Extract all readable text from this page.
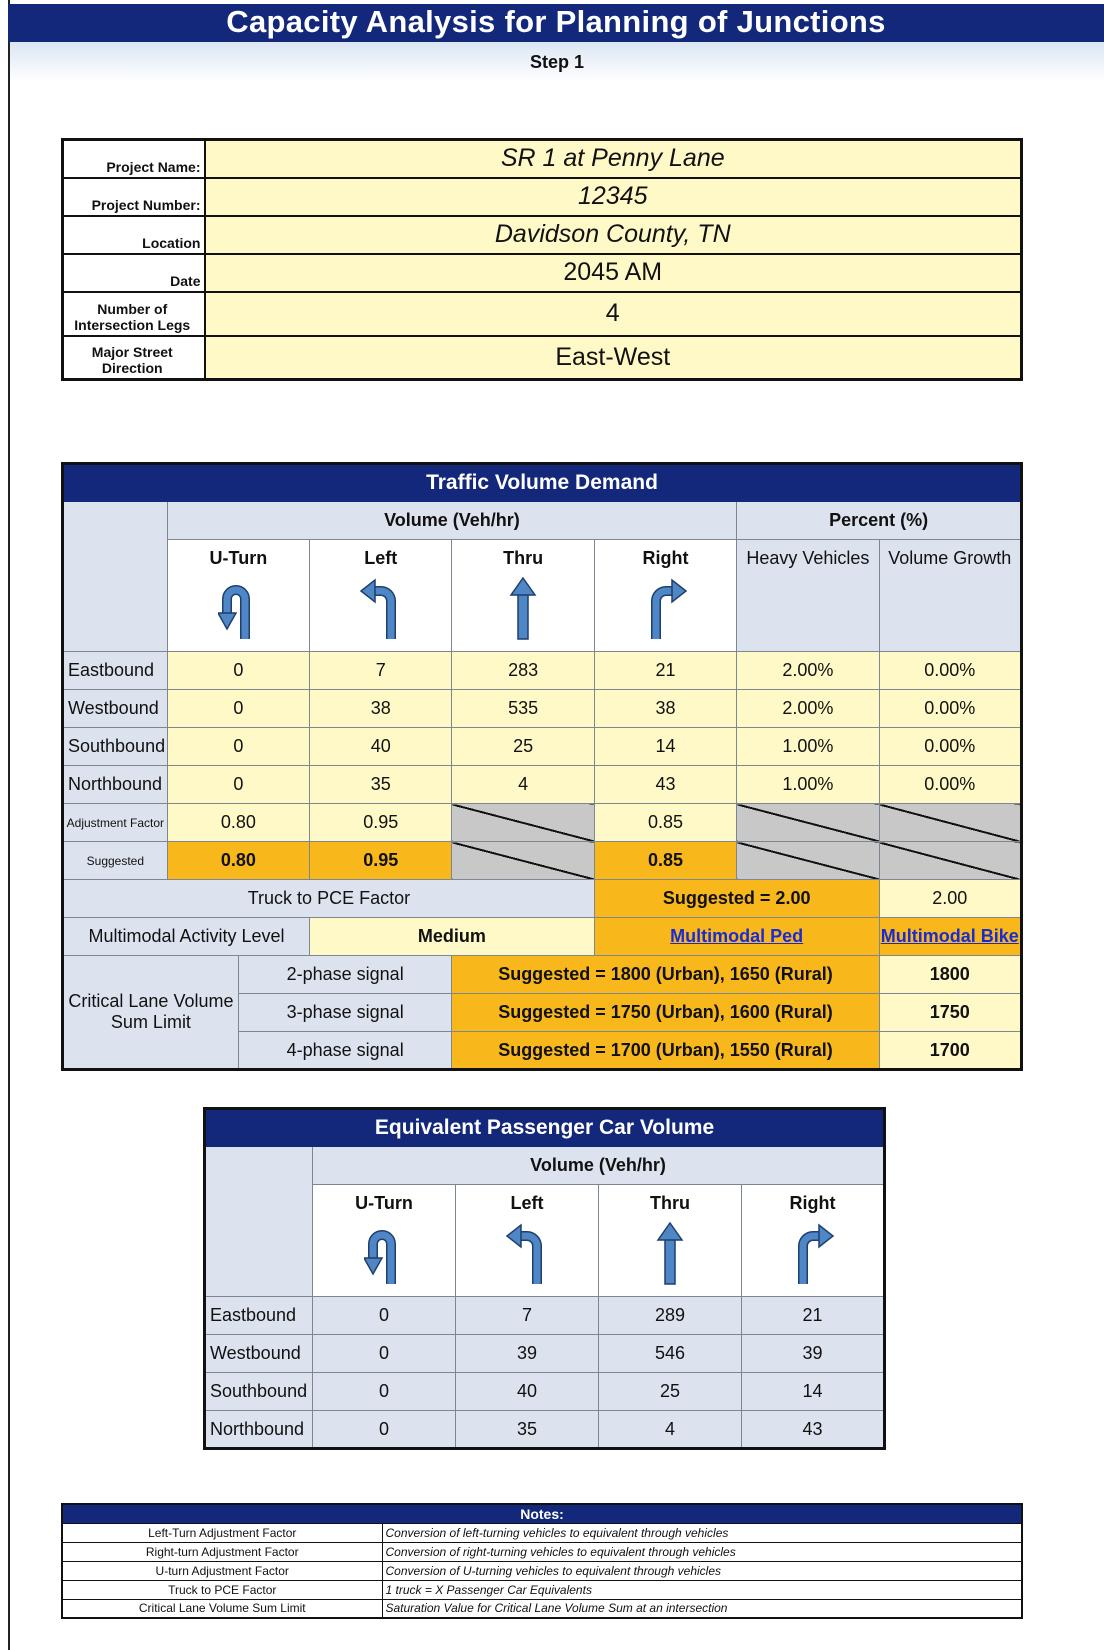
Capacity Analysis for Planning of Junctions
Step 1
Project Name:	SR 1 at Penny Lane
Project Number:	12345
Location	Davidson County, TN
Date	2045 AM
Number of Intersection Legs	4
Major Street Direction	East-West
Traffic Volume Demand							
	Volume (Veh/hr)					Percent (%)	
	U-Turn		Left	Thru	Right	Heavy Vehicles	Volume Growth
Eastbound	0		7	283	21	2.00%	0.00%
Westbound	0		38	535	38	2.00%	0.00%
Southbound	0		40	25	14	1.00%	0.00%
Northbound	0		35	4	43	1.00%	0.00%
Adjustment Factor	0.80		0.95		0.85		
Suggested	0.80		0.95		0.85		
Truck to PCE Factor					Suggested = 2.00		2.00
Multimodal Activity Level			Medium		Multimodal Ped		Multimodal Bike
Critical Lane Volume Sum Limit		2-phase signal		Suggested = 1800 (Urban), 1650 (Rural)			1800
		3-phase signal		Suggested = 1750 (Urban), 1600 (Rural)			1750
		4-phase signal		Suggested = 1700 (Urban), 1550 (Rural)			1700
Equivalent Passenger Car Volume				
	Volume (Veh/hr)			
	U-Turn	Left	Thru	Right

Eastbound	0	7	289	21
Westbound	0	39	546	39
Southbound	0	40	25	14
Northbound	0	35	4	43
Notes:	
Left-Turn Adjustment Factor	Conversion of left-turning vehicles to equivalent through vehicles
Right-turn Adjustment Factor	Conversion of right-turning vehicles to equivalent through vehicles
U-turn Adjustment Factor	Conversion of U-turning vehicles to equivalent through vehicles
Truck to PCE Factor	1 truck = X Passenger Car Equivalents
Critical Lane Volume Sum Limit	Saturation Value for Critical Lane Volume Sum at an intersection
